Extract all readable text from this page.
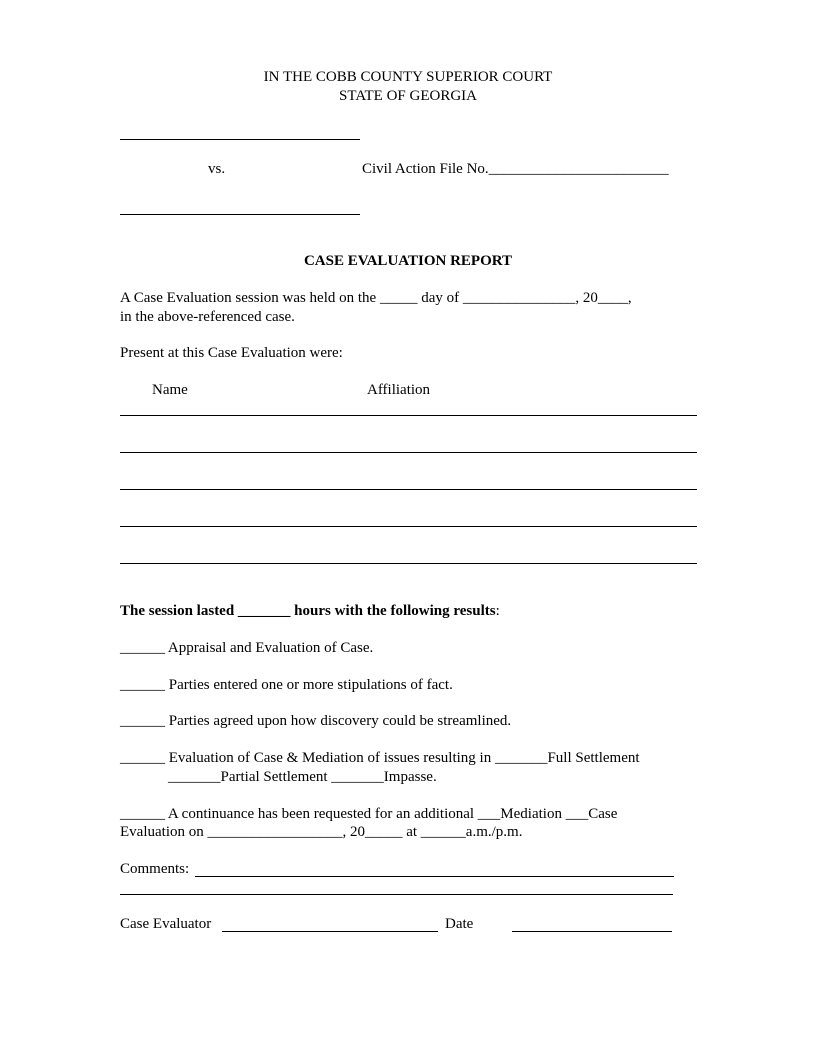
IN THE COBB COUNTY SUPERIOR COURT
STATE OF GEORGIA
vs.	Civil Action File No.________________________
CASE EVALUATION REPORT
A Case Evaluation session was held on the _____ day of _______________, 20____,
in the above-referenced case.
Present at this Case Evaluation were:
Name	Affiliation
The session lasted _______ hours with the following results:
______ Appraisal and Evaluation of Case.
______ Parties entered one or more stipulations of fact.
______ Parties agreed upon how discovery could be streamlined.
______ Evaluation of Case & Mediation of issues resulting in _______Full Settlement
_______Partial Settlement _______Impasse.
______ A continuance has been requested for an additional ___Mediation ___Case
Evaluation on __________________, 20_____ at ______a.m./p.m.
Comments:
Case Evaluator	Date
